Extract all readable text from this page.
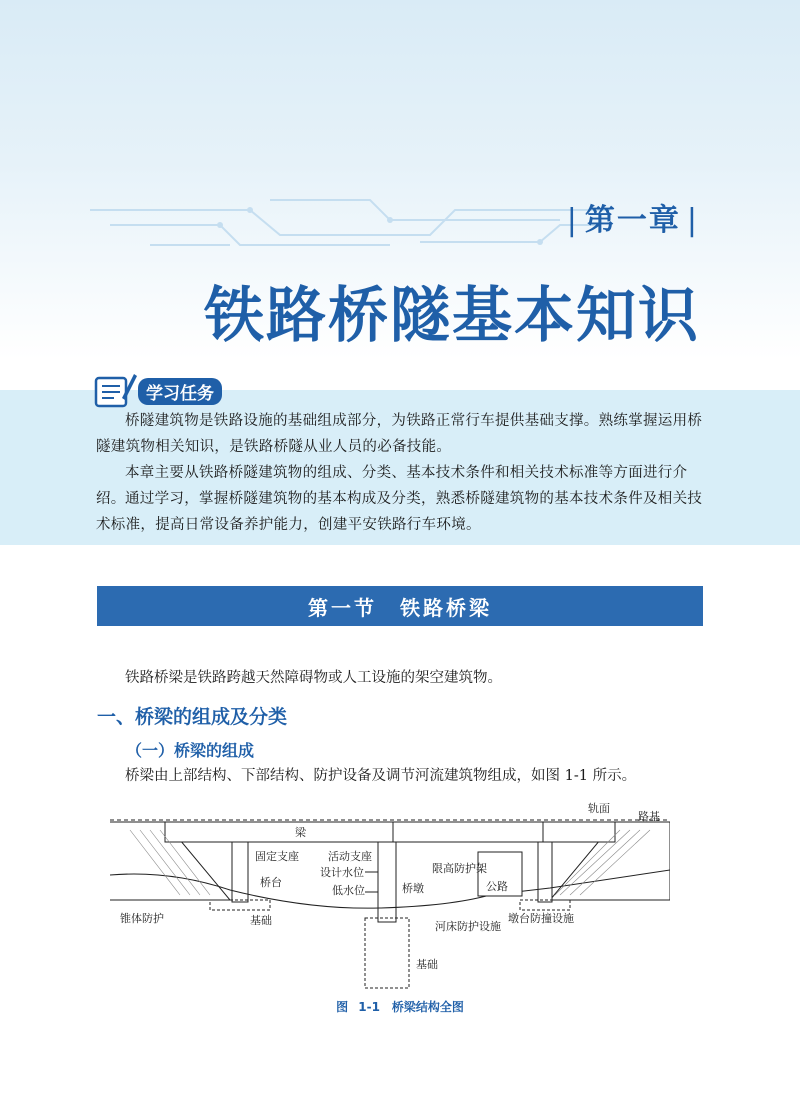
| 第一章 |
铁路桥隧基本知识
学习任务

桥隧建筑物是铁路设施的基础组成部分，为铁路正常行车提供基础支撑。熟练掌握运用桥隧建筑物相关知识，是铁路桥隧从业人员的必备技能。

本章主要从铁路桥隧建筑物的组成、分类、基本技术条件和相关技术标准等方面进行介绍。 通过学习，掌握桥隧建筑物的基本构成及分类，熟悉桥隧建筑物的基本技术条件及相关技术标准，提高日常设备养护能力，创建平安铁路行车环境。

第一节　铁路桥梁

铁路桥梁是铁路跨越天然障碍物或人工设施的架空建筑物。

一、桥梁的组成及分类
（一）桥梁的组成

桥梁由上部结构、下部结构、防护设备及调节河流建筑物组成，如图 1-1 所示。

轨面
路基
梁
固定支座	活动支座
限高防护架
设计水位
低水位
桥台	桥墩	公路
锥体防护	基础	河床防护设施
墩台防撞设施
基础
图 1-1　桥梁结构全图
